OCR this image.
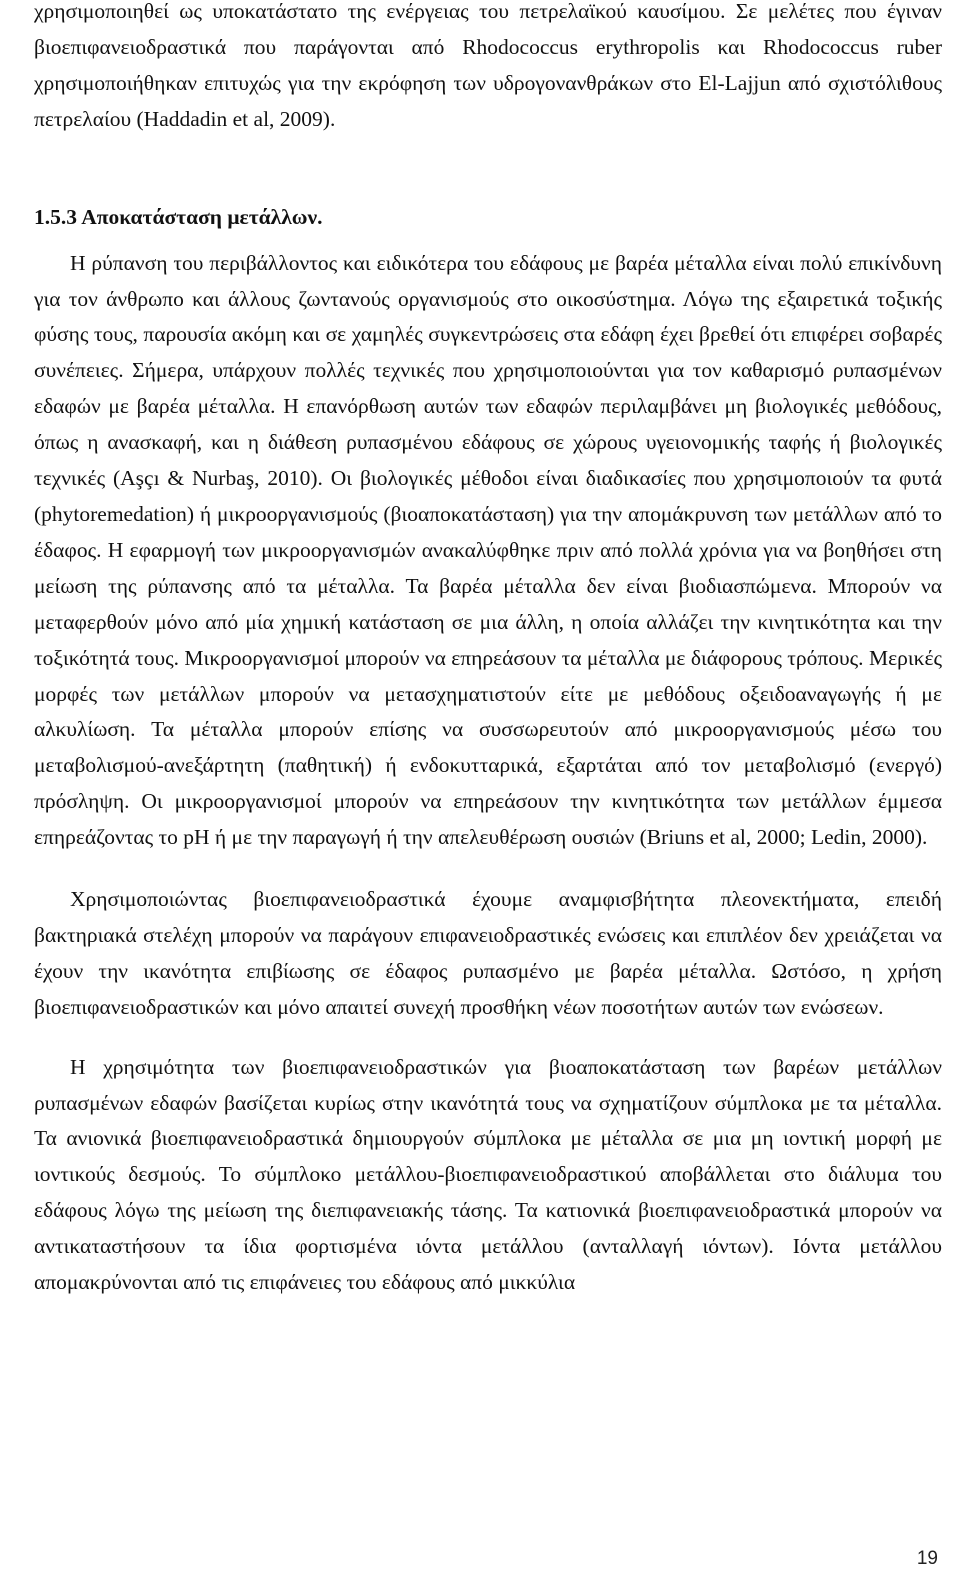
χρησιμοποιηθεί ως υποκατάστατο της ενέργειας του πετρελαϊκού καυσίμου. Σε μελέτες που έγιναν βιοεπιφανειοδραστικά που παράγονται από Rhodococcus erythropolis και Rhodococcus ruber χρησιμοποιήθηκαν επιτυχώς για την εκρόφηση των υδρογονανθράκων στο El-Lajjun από σχιστόλιθους πετρελαίου (Haddadin et al, 2009).

1.5.3 Αποκατάσταση μετάλλων.

Η ρύπανση του περιβάλλοντος και ειδικότερα του εδάφους με βαρέα μέταλλα είναι πολύ επικίνδυνη για τον άνθρωπο και άλλους ζωντανούς οργανισμούς στο οικοσύστημα. Λόγω της εξαιρετικά τοξικής φύσης τους, παρουσία ακόμη και σε χαμηλές συγκεντρώσεις στα εδάφη έχει βρεθεί ότι επιφέρει σοβαρές συνέπειες. Σήμερα, υπάρχουν πολλές τεχνικές που χρησιμοποιούνται για τον καθαρισμό ρυπασμένων εδαφών με βαρέα μέταλλα. Η επανόρθωση αυτών των εδαφών περιλαμβάνει μη βιολογικές μεθόδους, όπως η ανασκαφή, και η διάθεση ρυπασμένου εδάφους σε χώρους υγειονομικής ταφής ή βιολογικές τεχνικές (Aşçı & Nurbaş, 2010). Οι βιολογικές μέθοδοι είναι διαδικασίες που χρησιμοποιούν τα φυτά (phytoremedation) ή μικροοργανισμούς (βιοαποκατάσταση) για την απομάκρυνση των μετάλλων από το έδαφος. Η εφαρμογή των μικροοργανισμών ανακαλύφθηκε πριν από πολλά χρόνια για να βοηθήσει στη μείωση της ρύπανσης από τα μέταλλα. Τα βαρέα μέταλλα δεν είναι βιοδιασπώμενα. Μπορούν να μεταφερθούν μόνο από μία χημική κατάσταση σε μια άλλη, η οποία αλλάζει την κινητικότητα και την τοξικότητά τους. Μικροοργανισμοί μπορούν να επηρεάσουν τα μέταλλα με διάφορους τρόπους. Μερικές μορφές των μετάλλων μπορούν να μετασχηματιστούν είτε με μεθόδους οξειδοαναγωγής ή με αλκυλίωση. Τα μέταλλα μπορούν επίσης να συσσωρευτούν από μικροοργανισμούς μέσω του μεταβολισμού-ανεξάρτητη (παθητική) ή ενδοκυτταρικά, εξαρτάται από τον μεταβολισμό (ενεργό) πρόσληψη. Οι μικροοργανισμοί μπορούν να επηρεάσουν την κινητικότητα των μετάλλων έμμεσα επηρεάζοντας το pH ή με την παραγωγή ή την απελευθέρωση ουσιών (Briuns et al, 2000; Ledin, 2000).

Χρησιμοποιώντας βιοεπιφανειοδραστικά έχουμε αναμφισβήτητα πλεονεκτήματα, επειδή βακτηριακά στελέχη μπορούν να παράγουν επιφανειοδραστικές ενώσεις και επιπλέον δεν χρειάζεται να έχουν την ικανότητα επιβίωσης σε έδαφος ρυπασμένο με βαρέα μέταλλα. Ωστόσο, η χρήση βιοεπιφανειοδραστικών και μόνο απαιτεί συνεχή προσθήκη νέων ποσοτήτων αυτών των ενώσεων.

Η χρησιμότητα των βιοεπιφανειοδραστικών για βιοαποκατάσταση των βαρέων μετάλλων ρυπασμένων εδαφών βασίζεται κυρίως στην ικανότητά τους να σχηματίζουν σύμπλοκα με τα μέταλλα. Τα ανιονικά βιοεπιφανειοδραστικά δημιουργούν σύμπλοκα με μέταλλα σε μια μη ιοντική μορφή με ιοντικούς δεσμούς. Το σύμπλοκο μετάλλου-βιοεπιφανειοδραστικού αποβάλλεται στο διάλυμα του εδάφους λόγω της μείωση της διεπιφανειακής τάσης. Τα κατιονικά βιοεπιφανειοδραστικά μπορούν να αντικαταστήσουν τα ίδια φορτισμένα ιόντα μετάλλου (ανταλλαγή ιόντων). Ιόντα μετάλλου απομακρύνονται από τις επιφάνειες του εδάφους από μικκύλια

19
